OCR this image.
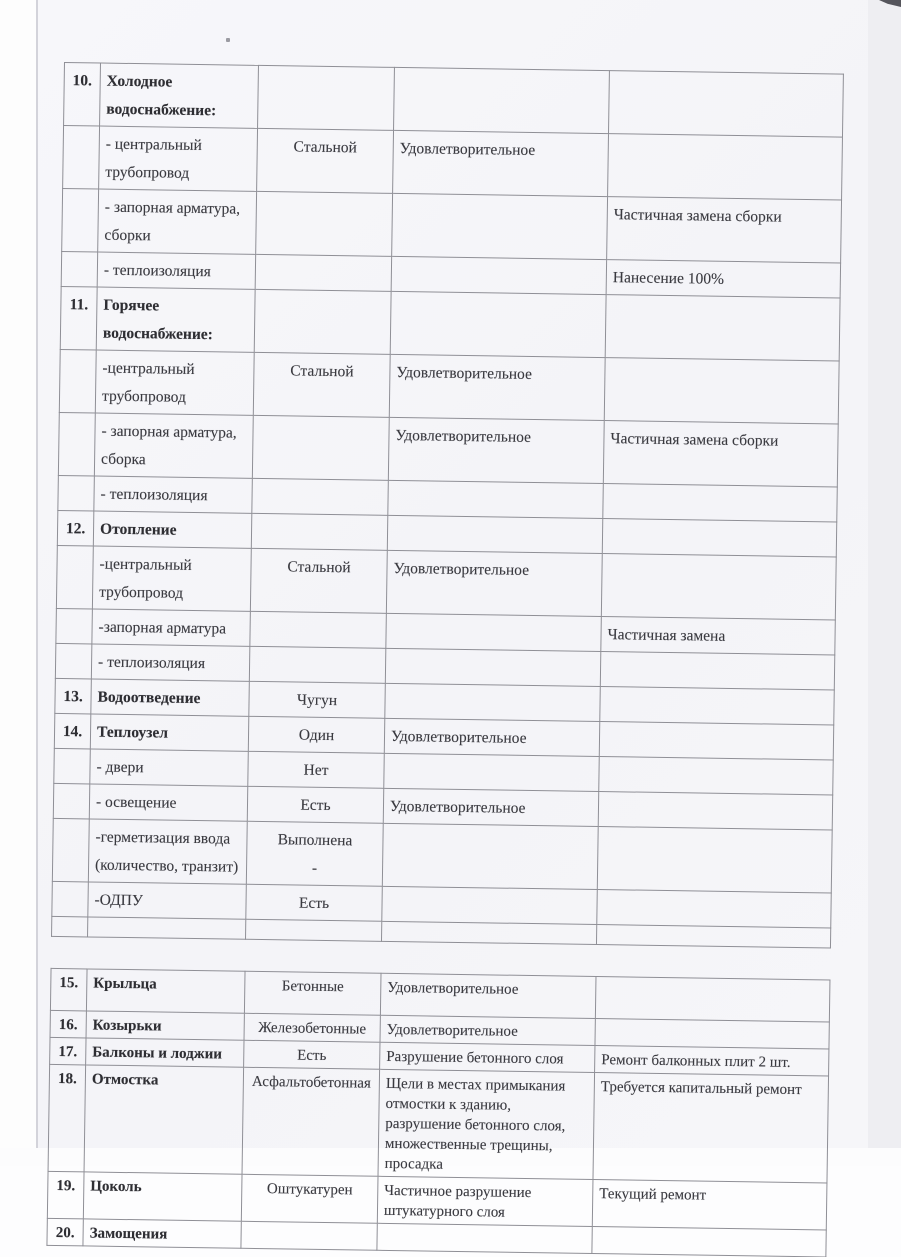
10.	Холодное
водоснабжение:			
	- центральный
трубопровод	Стальной	Удовлетворительное	
	- запорная арматура,
сборки			Частичная замена сборки
	- теплоизоляция			Нанесение 100%
11.	Горячее
водоснабжение:			
	-центральный
трубопровод	Стальной	Удовлетворительное	
	- запорная арматура,
сборка		Удовлетворительное	Частичная замена сборки
	- теплоизоляция			
12.	Отопление			
	-центральный
трубопровод	Стальной	Удовлетворительное	
	-запорная арматура			Частичная замена
	- теплоизоляция			
13.	Водоотведение	Чугун		
14.	Теплоузел	Один	Удовлетворительное	
	- двери	Нет		
	- освещение	Есть	Удовлетворительное	
	-герметизация ввода
(количество, транзит)	Выполнена
-		
	-ОДПУ	Есть		

15.	Крыльца	Бетонные	Удовлетворительное	
16.	Козырьки	Железобетонные	Удовлетворительное	
17.	Балконы и лоджии	Есть	Разрушение бетонного слоя	Ремонт балконных плит 2 шт.
18.	Отмостка	Асфальтобетонная	Щели в местах примыкания
отмостки к зданию,
разрушение бетонного слоя,
множественные трещины,
просадка	Требуется капитальный ремонт
19.	Цоколь	Оштукатурен	Частичное разрушение
штукатурного слоя	Текущий ремонт
20.	Замощения			
